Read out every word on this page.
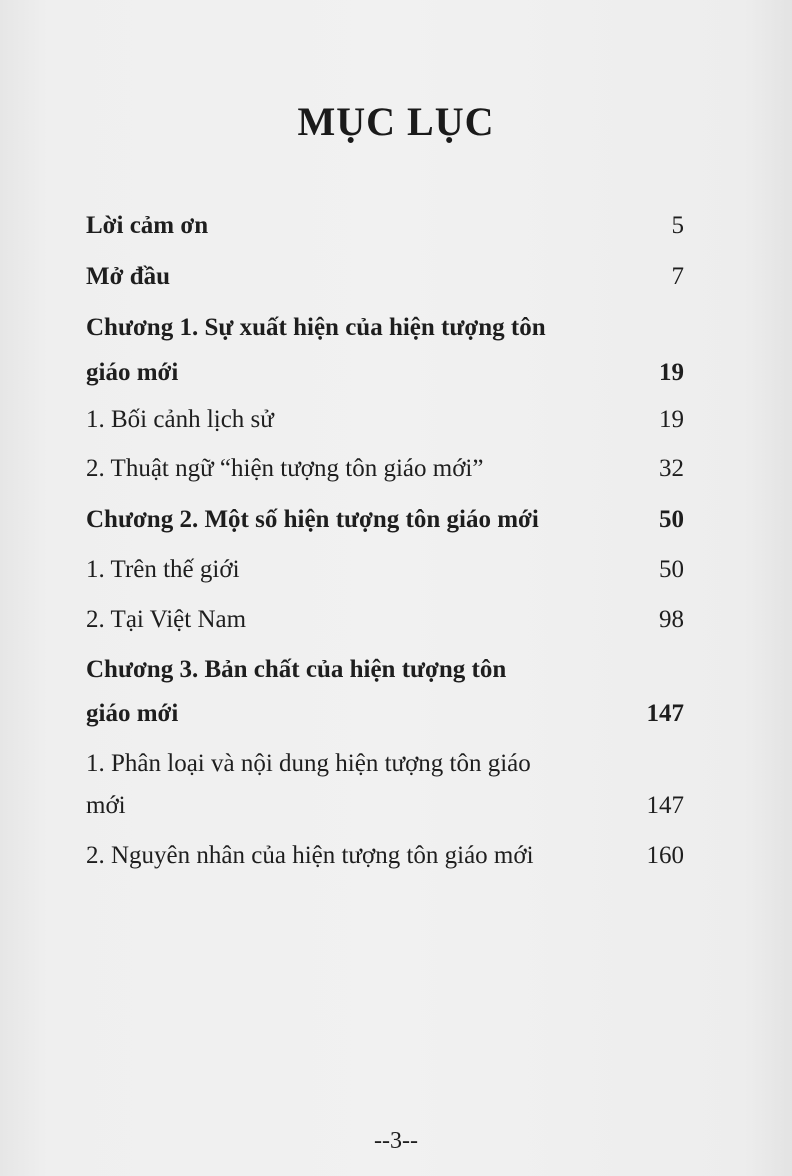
MỤC LỤC
Lời cảm ơn	5
Mở đầu	7
Chương 1. Sự xuất hiện của hiện tượng tôn
giáo mới	19
1. Bối cảnh lịch sử	19
2. Thuật ngữ “hiện tượng tôn giáo mới”	32
Chương 2. Một số hiện tượng tôn giáo mới	50
1. Trên thế giới	50
2. Tại Việt Nam	98
Chương 3. Bản chất của hiện tượng tôn
giáo mới	147
1. Phân loại và nội dung hiện tượng tôn giáo
mới	147
2. Nguyên nhân của hiện tượng tôn giáo mới	160
--3--
